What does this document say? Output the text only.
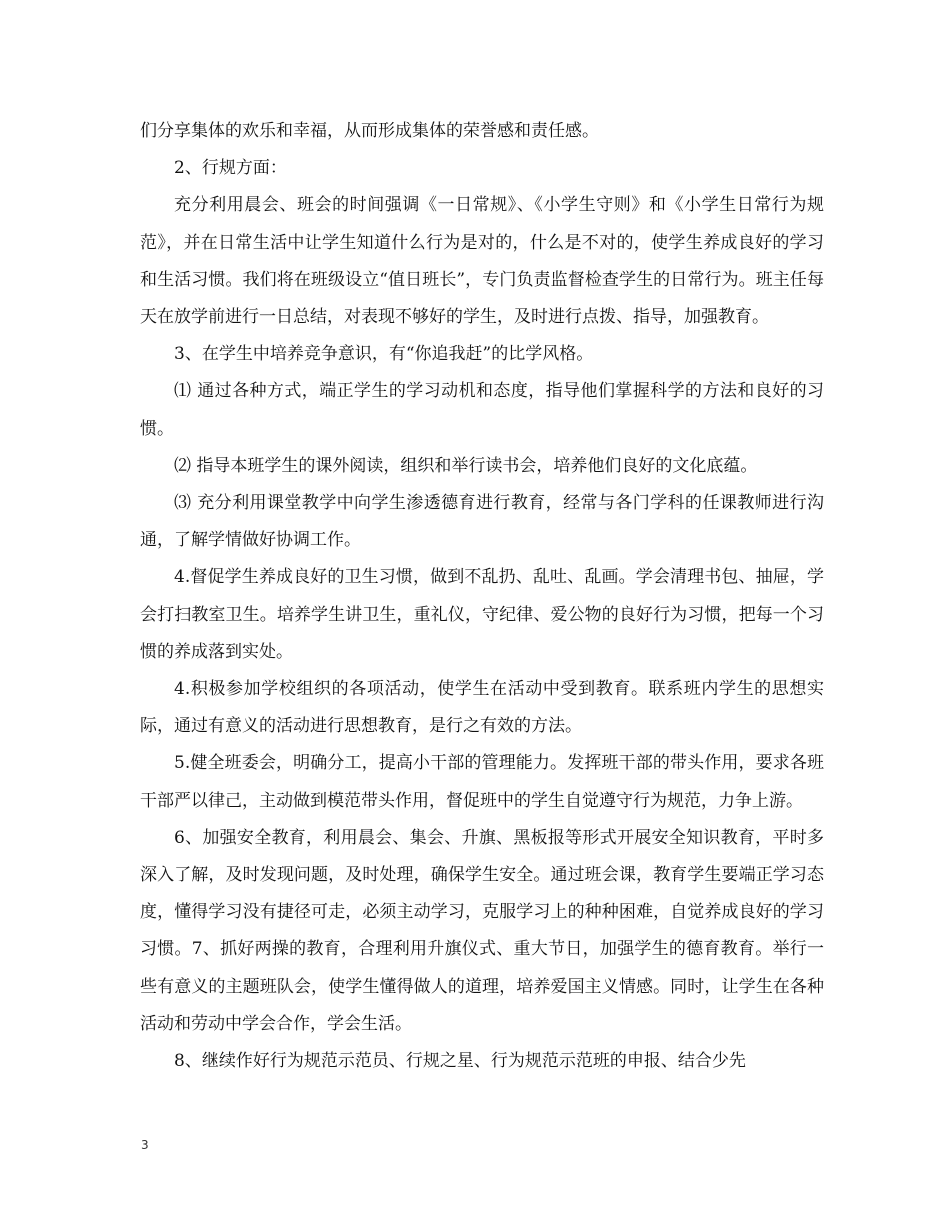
们分享集体的欢乐和幸福，从而形成集体的荣誉感和责任感。

2、行规方面：

充分利用晨会、班会的时间强调《一日常规》、《小学生守则》和《小学生日常行为规范》，并在日常生活中让学生知道什么行为是对的，什么是不对的，使学生养成良好的学习和生活习惯。我们将在班级设立“值日班长”，专门负责监督检查学生的日常行为。班主任每天在放学前进行一日总结，对表现不够好的学生，及时进行点拨、指导，加强教育。

3、在学生中培养竞争意识，有“你追我赶”的比学风格。

⑴ 通过各种方式，端正学生的学习动机和态度，指导他们掌握科学的方法和良好的习惯。

⑵ 指导本班学生的课外阅读，组织和举行读书会，培养他们良好的文化底蕴。

⑶ 充分利用课堂教学中向学生渗透德育进行教育，经常与各门学科的任课教师进行沟通，了解学情做好协调工作。

4.督促学生养成良好的卫生习惯，做到不乱扔、乱吐、乱画。学会清理书包、抽屉，学会打扫教室卫生。培养学生讲卫生，重礼仪，守纪律、爱公物的良好行为习惯，把每一个习惯的养成落到实处。

4.积极参加学校组织的各项活动，使学生在活动中受到教育。联系班内学生的思想实际，通过有意义的活动进行思想教育，是行之有效的方法。

5.健全班委会，明确分工，提高小干部的管理能力。发挥班干部的带头作用，要求各班干部严以律己，主动做到模范带头作用，督促班中的学生自觉遵守行为规范，力争上游。

6、加强安全教育，利用晨会、集会、升旗、黑板报等形式开展安全知识教育，平时多深入了解，及时发现问题，及时处理，确保学生安全。通过班会课，教育学生要端正学习态度，懂得学习没有捷径可走，必须主动学习，克服学习上的种种困难，自觉养成良好的学习习惯。7、抓好两操的教育，合理利用升旗仪式、重大节日，加强学生的德育教育。举行一些有意义的主题班队会，使学生懂得做人的道理，培养爱国主义情感。同时，让学生在各种活动和劳动中学会合作，学会生活。

8、继续作好行为规范示范员、行规之星、行为规范示范班的申报、结合少先

3
